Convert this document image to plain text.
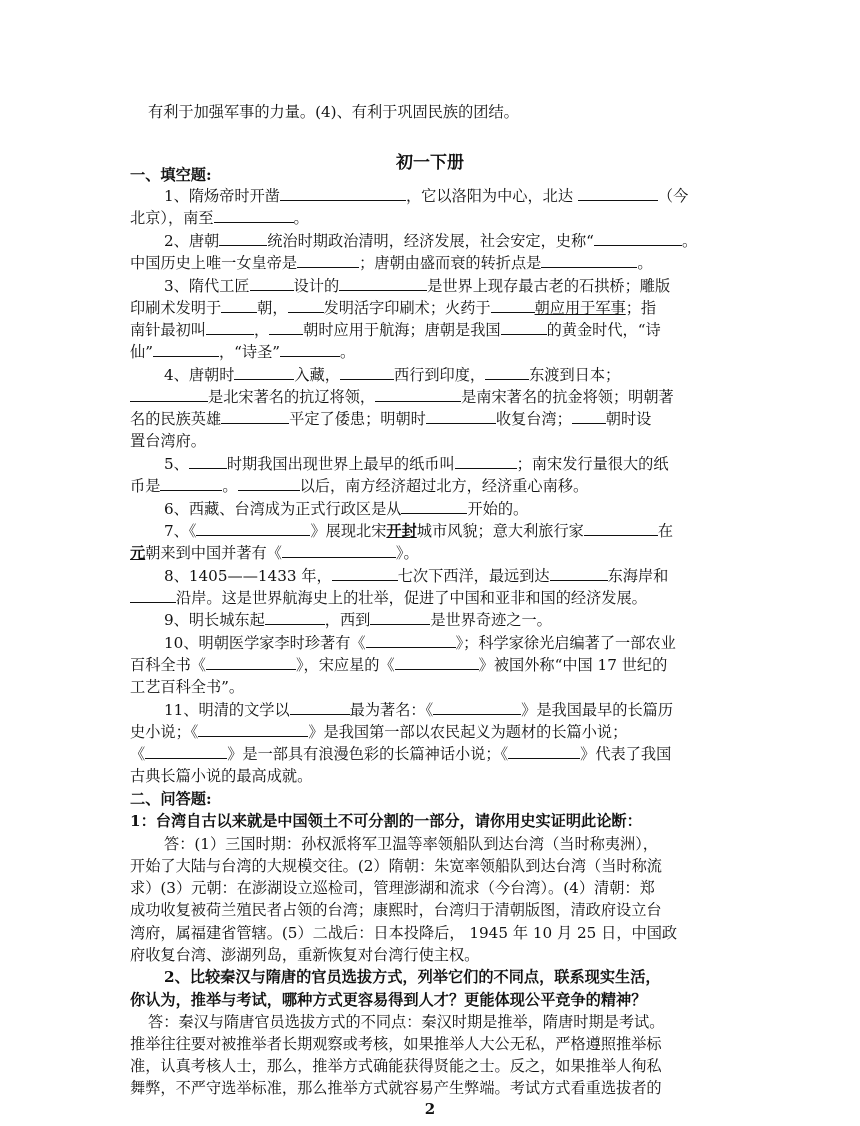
有利于加强军事的力量。(4)、有利于巩固民族的团结。
初一下册
一、填空题:
1、隋炀帝时开凿	，它以洛阳为中心，北达	（今
北京），南至	。
2、唐朝	统治时期政治清明，经济发展，社会安定，史称“	。
中国历史上唯一女皇帝是	；唐朝由盛而衰的转折点是	。
3、隋代工匠	设计的	是世界上现存最古老的石拱桥；雕版
印刷术发明于 朝， 发明活字印刷术；火药于	朝应用于军事；指
南针最初叫	， 朝时应用于航海；唐朝是我国	的黄金时代，“诗
仙”	，“诗圣”	。
4、唐朝时	入藏，	西行到印度，	东渡到日本；
是北宋著名的抗辽将领，	是南宋著名的抗金将领；明朝著
名的民族英雄	平定了倭患；明朝时	收复台湾； 朝时设
置台湾府。
5、	时期我国出现世界上最早的纸币叫	；南宋发行量很大的纸
币是	。	以后，南方经济超过北方，经济重心南移。
6、西藏、台湾成为正式行政区是从	开始的。
7、《	》展现北宋开封城市风貌；意大利旅行家	在
元朝来到中国并著有《	》。
8、1405——1433 年，	七次下西洋，最远到达	东海岸和
沿岸。这是世界航海史上的壮举，促进了中国和亚非和国的经济发展。
9、明长城东起	，西到	是世界奇迹之一。
10、明朝医学家李时珍著有《	》；科学家徐光启编著了一部农业
百科全书《	》，宋应星的《	》被国外称“中国 17 世纪的
工艺百科全书”。
11、明清的文学以	最为著名：《	》是我国最早的长篇历
史小说；《	》是我国第一部以农民起义为题材的长篇小说；
《	》是一部具有浪漫色彩的长篇神话小说；《	》代表了我国
古典长篇小说的最高成就。
二、问答题:
1：台湾自古以来就是中国领土不可分割的一部分，请你用史实证明此论断：
答：(1）三国时期：孙权派将军卫温等率领船队到达台湾（当时称夷洲），
开始了大陆与台湾的大规模交往。(2）隋朝：朱宽率领船队到达台湾（当时称流
求）(3）元朝：在澎湖设立巡检司，管理澎湖和流求（今台湾）。(4）清朝：郑
成功收复被荷兰殖民者占领的台湾；康熙时，台湾归于清朝版图，清政府设立台
湾府，属福建省管辖。(5）二战后：日本投降后， 1945 年 10 月 25 日，中国政
府收复台湾、澎湖列岛，重新恢复对台湾行使主权。
2、比较秦汉与隋唐的官员选拔方式，列举它们的不同点，联系现实生活，
你认为，推举与考试，哪种方式更容易得到人才？更能体现公平竞争的精神？
答：秦汉与隋唐官员选拔方式的不同点：秦汉时期是推举，隋唐时期是考试。
推举往往要对被推举者长期观察或考核，如果推举人大公无私，严格遵照推举标
准，认真考核人士，那么，推举方式确能获得贤能之士。反之，如果推举人徇私
舞弊，不严守选举标准，那么推举方式就容易产生弊端。考试方式看重选拔者的
2
